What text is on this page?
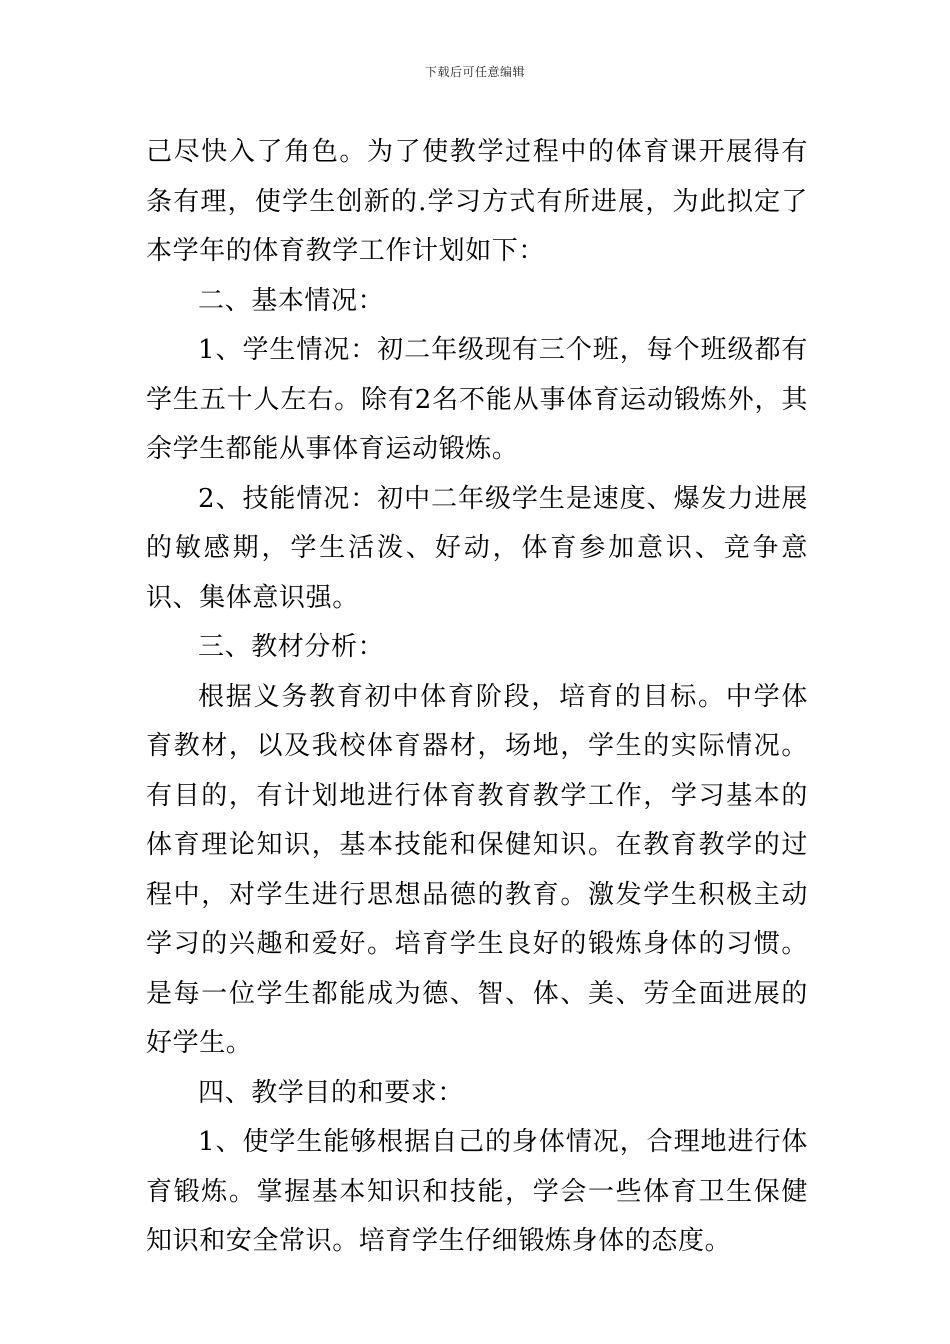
下载后可任意编辑

己尽快入了角色。为了使教学过程中的体育课开展得有条有理，使学生创新的.学习方式有所进展，为此拟定了本学年的体育教学工作计划如下：

二、基本情况：

1、学生情况：初二年级现有三个班，每个班级都有学生五十人左右。除有2名不能从事体育运动锻炼外，其余学生都能从事体育运动锻炼。

2、技能情况：初中二年级学生是速度、爆发力进展的敏感期，学生活泼、好动，体育参加意识、竞争意识、集体意识强。

三、教材分析：

根据义务教育初中体育阶段，培育的目标。中学体育教材，以及我校体育器材，场地，学生的实际情况。有目的，有计划地进行体育教育教学工作，学习基本的体育理论知识，基本技能和保健知识。在教育教学的过程中，对学生进行思想品德的教育。激发学生积极主动学习的兴趣和爱好。培育学生良好的锻炼身体的习惯。是每一位学生都能成为德、智、体、美、劳全面进展的好学生。

四、教学目的和要求：

1、使学生能够根据自己的身体情况，合理地进行体育锻炼。掌握基本知识和技能，学会一些体育卫生保健知识和安全常识。培育学生仔细锻炼身体的态度。
